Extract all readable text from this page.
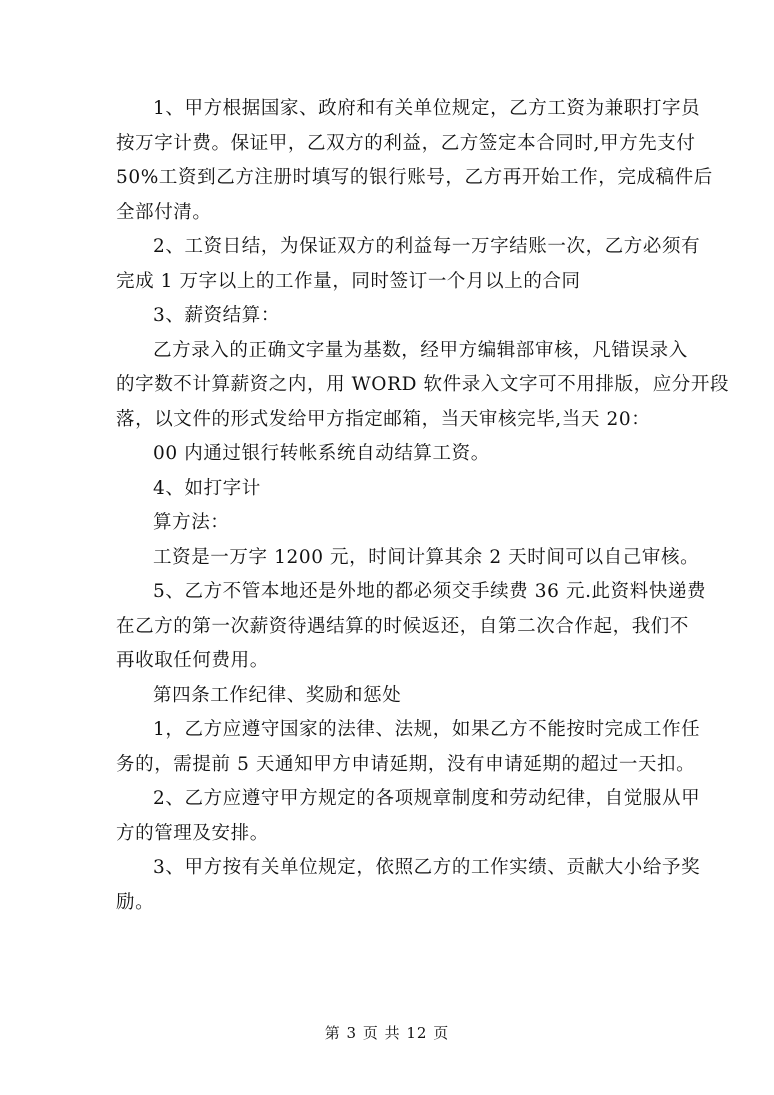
1、甲方根据国家、政府和有关单位规定，乙方工资为兼职打字员
按万字计费。保证甲，乙双方的利益，乙方签定本合同时,甲方先支付
50%工资到乙方注册时填写的银行账号，乙方再开始工作，完成稿件后
全部付清。
2、工资日结，为保证双方的利益每一万字结账一次，乙方必须有
完成 1 万字以上的工作量，同时签订一个月以上的合同
3、薪资结算：
乙方录入的正确文字量为基数，经甲方编辑部审核，凡错误录入
的字数不计算薪资之内，用 WORD 软件录入文字可不用排版，应分开段
落，以文件的形式发给甲方指定邮箱，当天审核完毕,当天 20：
00 内通过银行转帐系统自动结算工资。
4、如打字计
算方法：
工资是一万字 1200 元，时间计算其余 2 天时间可以自己审核。
5、乙方不管本地还是外地的都必须交手续费 36 元.此资料快递费
在乙方的第一次薪资待遇结算的时候返还，自第二次合作起，我们不
再收取任何费用。
第四条工作纪律、奖励和惩处
1，乙方应遵守国家的法律、法规，如果乙方不能按时完成工作任
务的，需提前 5 天通知甲方申请延期，没有申请延期的超过一天扣。
2、乙方应遵守甲方规定的各项规章制度和劳动纪律，自觉服从甲
方的管理及安排。
3、甲方按有关单位规定，依照乙方的工作实绩、贡献大小给予奖
励。
第 3 页 共 12 页
